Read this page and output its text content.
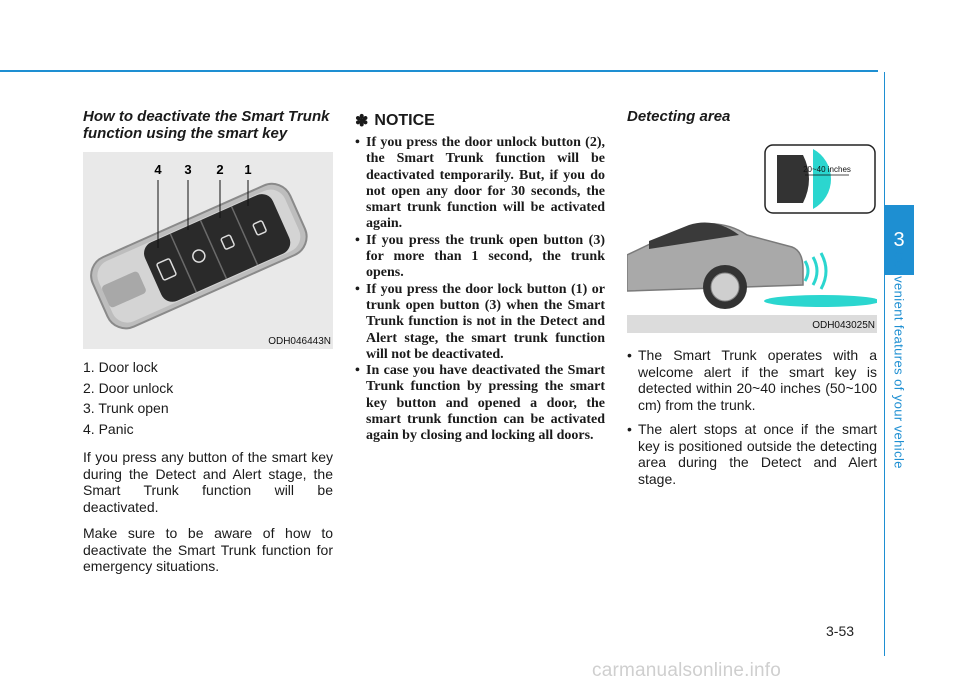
3
Convenient features of your vehicle
How to deactivate the Smart Trunk function using the smart key
4 3 2 1
ODH046443N
1. Door lock
2. Door unlock
3. Trunk open
4. Panic

If you press any button of the smart key during the Detect and Alert stage, the Smart Trunk function will be deactivated.

Make sure to be aware of how to deactivate the Smart Trunk function for emergency situations.

✽ NOTICE
• If you press the door unlock button (2), the Smart Trunk function will be deactivated temporarily. But, if you do not open any door for 30 seconds, the smart trunk function will be activated again.
• If you press the trunk open button (3) for more than 1 second, the trunk opens.
• If you press the door lock button (1) or trunk open button (3) when the Smart Trunk function is not in the Detect and Alert stage, the smart trunk function will not be deactivated.
• In case you have deactivated the Smart Trunk function by pressing the smart key button and opened a door, the smart trunk function can be activated again by closing and locking all doors.
Detecting area
20~40 inches
ODH043025N
• The Smart Trunk operates with a welcome alert if the smart key is detected within 20~40 inches (50~100 cm) from the trunk.
• The alert stops at once if the smart key is positioned outside the detecting area during the Detect and Alert stage.
3-53
carmanualsonline.info
